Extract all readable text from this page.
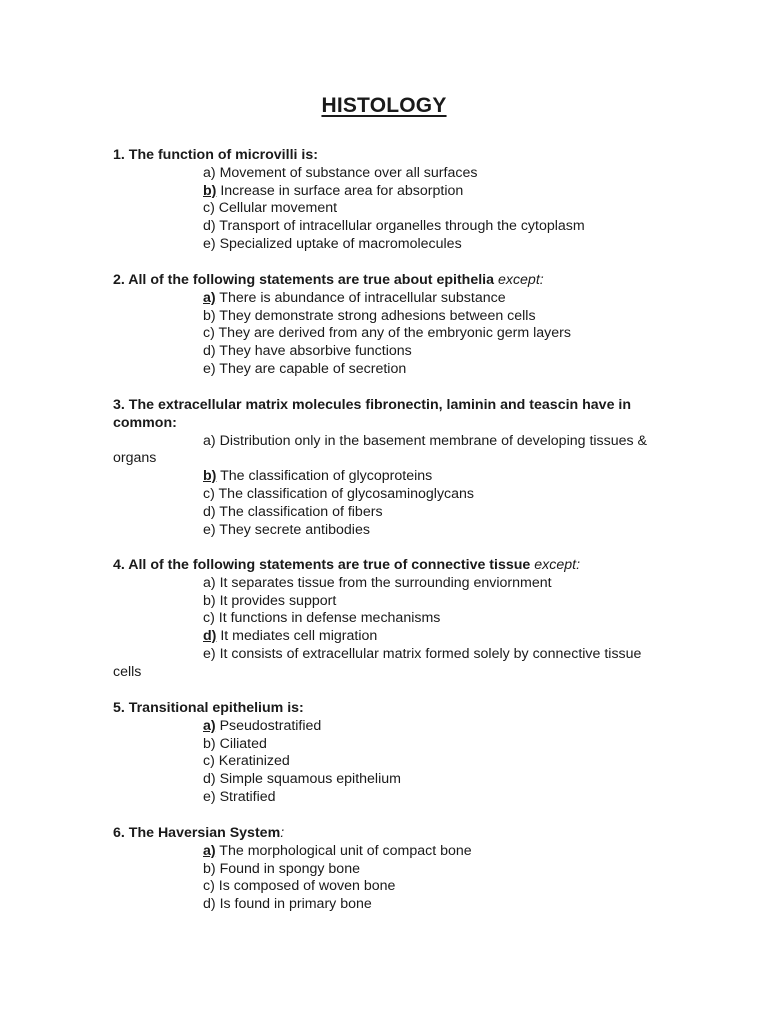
HISTOLOGY
1. The function of microvilli is:
a) Movement of substance over all surfaces
b) Increase in surface area for absorption
c) Cellular movement
d) Transport of intracellular organelles through the cytoplasm
e) Specialized uptake of macromolecules
2. All of the following statements are true about epithelia except:
a) There is abundance of intracellular substance
b) They demonstrate strong adhesions between cells
c) They are derived from any of the embryonic germ layers
d) They have absorbive functions
e) They are capable of secretion
3. The extracellular matrix molecules fibronectin, laminin and teascin have in common:
a) Distribution only in the basement membrane of developing tissues & organs
b) The classification of glycoproteins
c) The classification of glycosaminoglycans
d) The classification of fibers
e) They secrete antibodies
4. All of the following statements are true of connective tissue except:
a) It separates tissue from the surrounding enviornment
b) It provides support
c) It functions in defense mechanisms
d) It mediates cell migration
e) It consists of extracellular matrix formed solely by connective tissue cells
5. Transitional epithelium is:
a) Pseudostratified
b) Ciliated
c) Keratinized
d) Simple squamous epithelium
e) Stratified
6. The Haversian System:
a) The morphological unit of compact bone
b) Found in spongy bone
c) Is composed of woven bone
d) Is found in primary bone
